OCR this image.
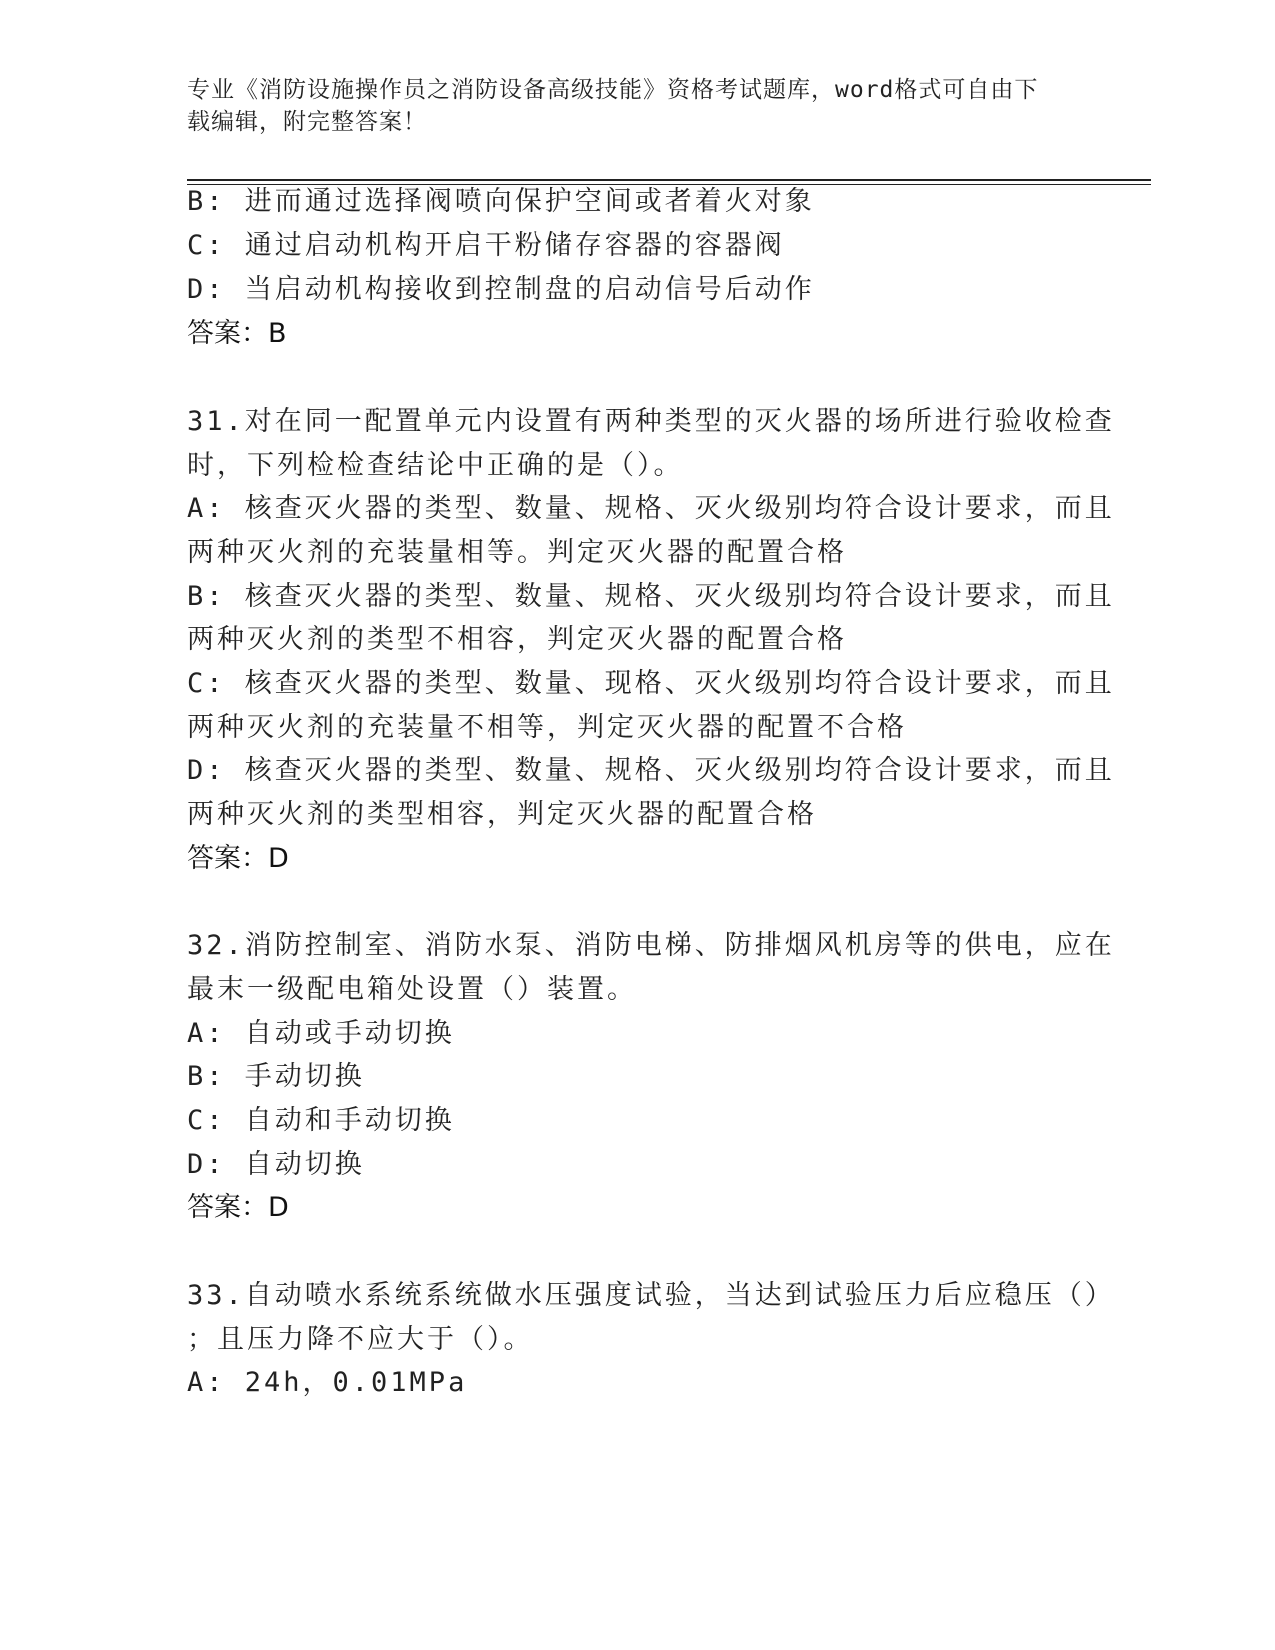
专业《消防设施操作员之消防设备高级技能》资格考试题库，word格式可自由下
载编辑，附完整答案！
B: 进而通过选择阀喷向保护空间或者着火对象
C: 通过启动机构开启干粉储存容器的容器阀
D: 当启动机构接收到控制盘的启动信号后动作
答案：B
31.对在同一配置单元内设置有两种类型的灭火器的场所进行验收检查
时，下列检检查结论中正确的是（）。
A: 核查灭火器的类型、数量、规格、灭火级别均符合设计要求，而且
两种灭火剂的充装量相等。判定灭火器的配置合格
B: 核查灭火器的类型、数量、规格、灭火级别均符合设计要求，而且
两种灭火剂的类型不相容，判定灭火器的配置合格
C: 核查灭火器的类型、数量、现格、灭火级别均符合设计要求，而且
两种灭火剂的充装量不相等，判定灭火器的配置不合格
D: 核查灭火器的类型、数量、规格、灭火级别均符合设计要求，而且
两种灭火剂的类型相容，判定灭火器的配置合格
答案：D
32.消防控制室、消防水泵、消防电梯、防排烟风机房等的供电，应在
最末一级配电箱处设置（）装置。
A: 自动或手动切换
B: 手动切换
C: 自动和手动切换
D: 自动切换
答案：D
33.自动喷水系统系统做水压强度试验，当达到试验压力后应稳压（）
；且压力降不应大于（）。
A: 24h，0.01MPa
